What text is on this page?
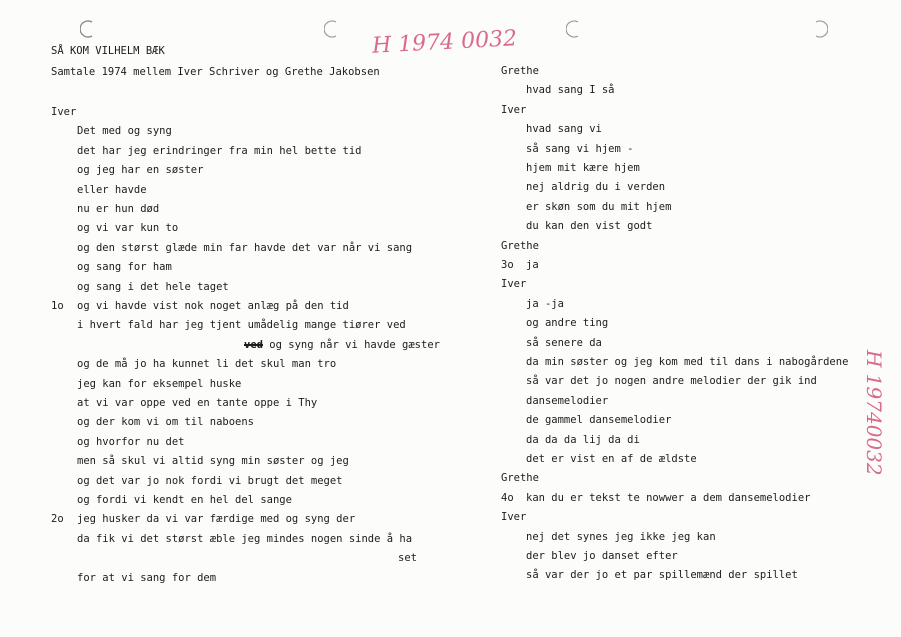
SÅ KOM VILHELM BÆK
Samtale 1974 mellem Iver Schriver og Grethe Jakobsen
H 1974 0032
H 19740032
Iver
Det med og syng
det har jeg erindringer fra min hel bette tid
og jeg har en søster
eller havde
nu er hun død
og vi var kun to
og den størst glæde min far havde det var når vi sang
og sang for ham
og sang i det hele taget
1o og vi havde vist nok noget anlæg på den tid
i hvert fald har jeg tjent umådelig mange tiører ved
ved og syng når vi havde gæster
og de må jo ha kunnet li det skul man tro
jeg kan for eksempel huske
at vi var oppe ved en tante oppe i Thy
og der kom vi om til naboens
og hvorfor nu det
men så skul vi altid syng min søster og jeg
og det var jo nok fordi vi brugt det meget
og fordi vi kendt en hel del sange
2o jeg husker da vi var færdige med og syng der
da fik vi det størst æble jeg mindes nogen sinde å ha
set
for at vi sang for dem
Grethe
hvad sang I så
Iver
hvad sang vi
så sang vi hjem -
hjem mit kære hjem
nej aldrig du i verden
er skøn som du mit hjem
du kan den vist godt
Grethe
3o ja
Iver
ja -ja
og andre ting
så senere da
da min søster og jeg kom med til dans i nabogårdene
så var det jo nogen andre melodier der gik ind
dansemelodier
de gammel dansemelodier
da da da lij da di
det er vist en af de ældste
Grethe
4o kan du er tekst te nowwer a dem dansemelodier
Iver
nej det synes jeg ikke jeg kan
der blev jo danset efter
så var der jo et par spillemænd der spillet
